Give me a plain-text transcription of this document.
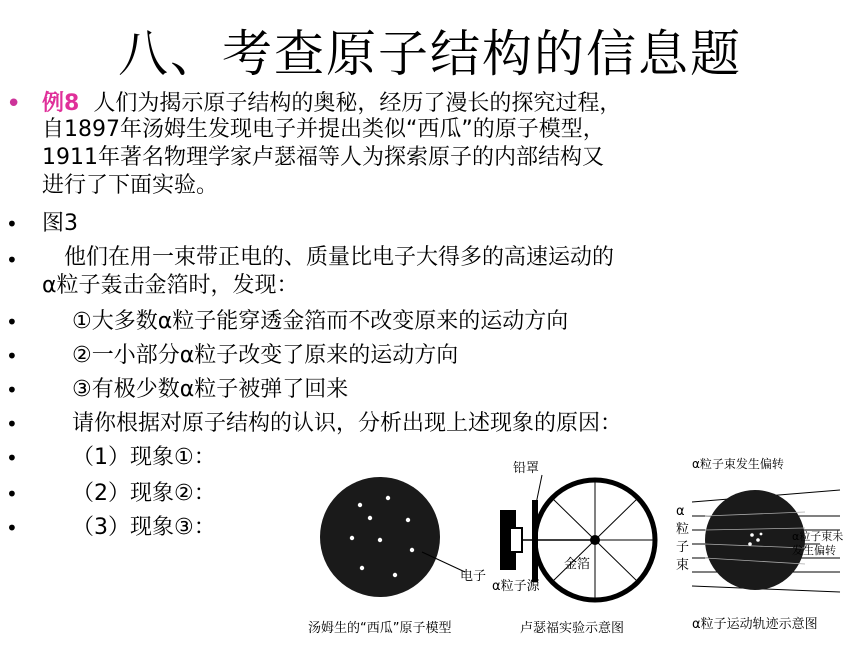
八、考查原子结构的信息题
•
•
•
•
•
•
•
•
•
•
例8 人们为揭示原子结构的奥秘，经历了漫长的探究过程，
自1897年汤姆生发现电子并提出类似“西瓜”的原子模型，
1911年著名物理学家卢瑟福等人为探索原子的内部结构又
进行了下面实验。
图3
　他们在用一束带正电的、质量比电子大得多的高速运动的
α粒子轰击金箔时，发现：
①大多数α粒子能穿透金箔而不改变原来的运动方向
②一小部分α粒子改变了原来的运动方向
③有极少数α粒子被弹了回来
请你根据对原子结构的认识，分析出现上述现象的原因：
（1）现象①：
（2）现象②：
（3）现象③：
电子
汤姆生的“西瓜”原子模型
铅罩
金箔
α粒子源
卢瑟福实验示意图
α
粒
子
束
α粒子束发生偏转
α粒子束未
发生偏转
α粒子运动轨迹示意图
